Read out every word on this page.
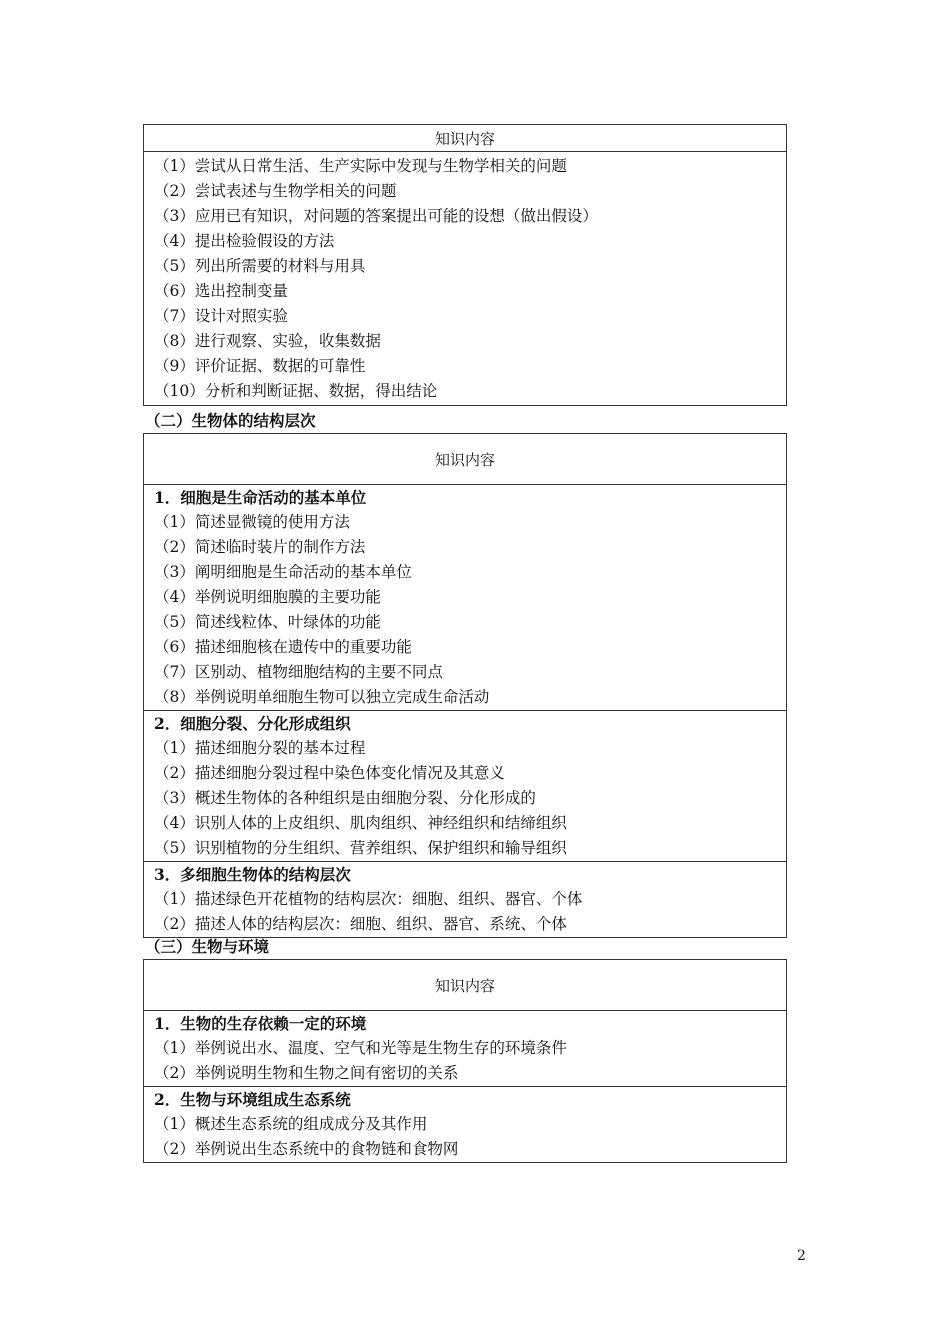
知识内容
（1）尝试从日常生活、生产实际中发现与生物学相关的问题
（2）尝试表述与生物学相关的问题
（3）应用已有知识，对问题的答案提出可能的设想（做出假设）
（4）提出检验假设的方法
（5）列出所需要的材料与用具
（6）选出控制变量
（7）设计对照实验
（8）进行观察、实验，收集数据
（9）评价证据、数据的可靠性
（10）分析和判断证据、数据，得出结论
（二）生物体的结构层次
知识内容
1．细胞是生命活动的基本单位
（1）简述显微镜的使用方法
（2）简述临时装片的制作方法
（3）阐明细胞是生命活动的基本单位
（4）举例说明细胞膜的主要功能
（5）简述线粒体、叶绿体的功能
（6）描述细胞核在遗传中的重要功能
（7）区别动、植物细胞结构的主要不同点
（8）举例说明单细胞生物可以独立完成生命活动
2．细胞分裂、分化形成组织
（1）描述细胞分裂的基本过程
（2）描述细胞分裂过程中染色体变化情况及其意义
（3）概述生物体的各种组织是由细胞分裂、分化形成的
（4）识别人体的上皮组织、肌肉组织、神经组织和结缔组织
（5）识别植物的分生组织、营养组织、保护组织和输导组织
3．多细胞生物体的结构层次
（1）描述绿色开花植物的结构层次：细胞、组织、器官、个体
（2）描述人体的结构层次：细胞、组织、器官、系统、个体
（三）生物与环境
知识内容
1．生物的生存依赖一定的环境
（1）举例说出水、温度、空气和光等是生物生存的环境条件
（2）举例说明生物和生物之间有密切的关系
2．生物与环境组成生态系统
（1）概述生态系统的组成成分及其作用
（2）举例说出生态系统中的食物链和食物网
2
